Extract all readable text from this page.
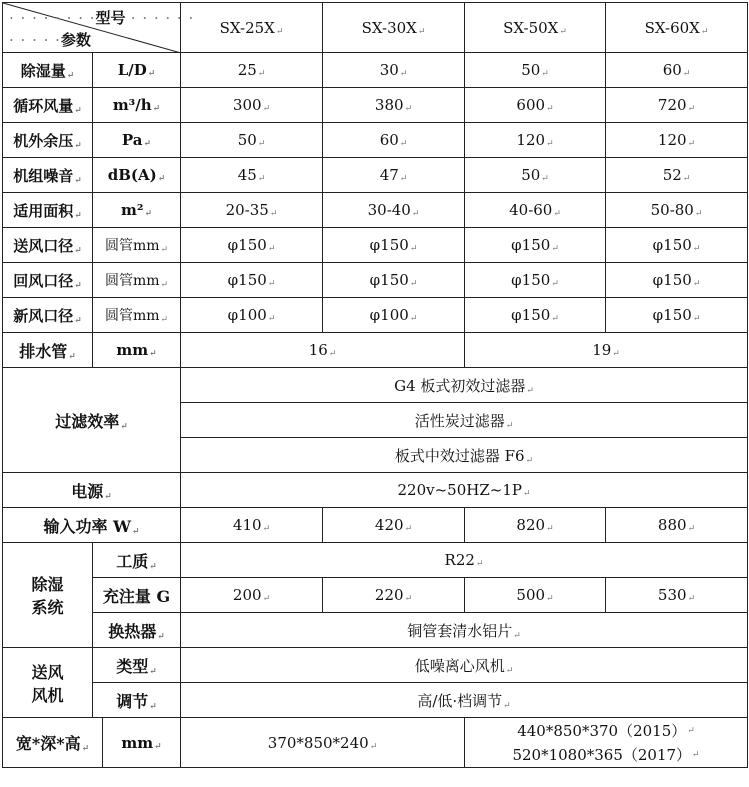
· · · · · · · ·型号 · · · · · ·
· · · · ·参数			SX-25X ↵	SX-30X ↵	SX-50X ↵	SX-60X ↵
除湿量 ↵	L/D ↵		25 ↵	30 ↵	50 ↵	60 ↵
循环风量 ↵	m³/h ↵		300 ↵	380 ↵	600 ↵	720 ↵
机外余压 ↵	Pa ↵		50 ↵	60 ↵	120 ↵	120 ↵
机组噪音 ↵	dB(A) ↵		45 ↵	47 ↵	50 ↵	52 ↵
适用面积 ↵	m² ↵		20-35 ↵	30-40 ↵	40-60 ↵	50-80 ↵
送风口径 ↵	圆管mm ↵		φ150 ↵	φ150 ↵	φ150 ↵	φ150 ↵
回风口径 ↵	圆管mm ↵		φ150 ↵	φ150 ↵	φ150 ↵	φ150 ↵
新风口径 ↵	圆管mm ↵		φ100 ↵	φ100 ↵	φ150 ↵	φ150 ↵
排水管 ↵	mm ↵		16 ↵		19 ↵
过滤效率 ↵			G4 板式初效过滤器 ↵
			活性炭过滤器 ↵
			板式中效过滤器 F6 ↵
电源 ↵			220v~50HZ~1P ↵
输入功率 W ↵			410 ↵	420 ↵	820 ↵	880 ↵

除湿
系统	工质 ↵		R22 ↵
	充注量 G		200 ↵	220 ↵	500 ↵	530 ↵
	换热器 ↵		铜管套清水铝片 ↵

送风
风机	类型 ↵		低噪离心风机 ↵
	调节 ↵		高/低·档调节 ↵
宽*深*高 ↵		mm ↵	370*850*240 ↵		440*850*370（2015） ↵
520*1080*365（2017） ↵
